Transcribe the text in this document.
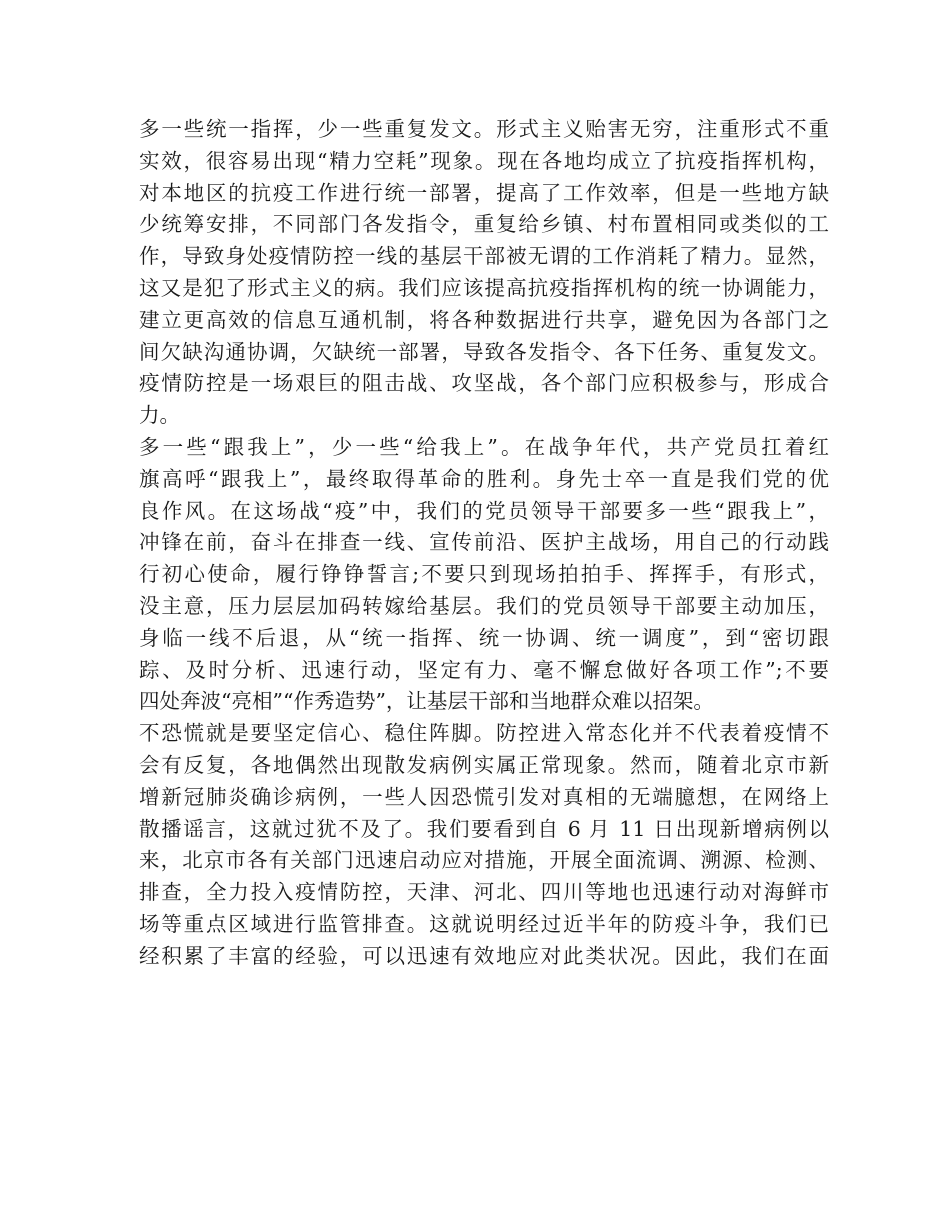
多一些统一指挥，少一些重复发文。形式主义贻害无穷，注重形式不重
实效，很容易出现“精力空耗”现象。现在各地均成立了抗疫指挥机构，
对本地区的抗疫工作进行统一部署，提高了工作效率，但是一些地方缺
少统筹安排，不同部门各发指令，重复给乡镇、村布置相同或类似的工
作，导致身处疫情防控一线的基层干部被无谓的工作消耗了精力。显然，
这又是犯了形式主义的病。我们应该提高抗疫指挥机构的统一协调能力，
建立更高效的信息互通机制，将各种数据进行共享，避免因为各部门之
间欠缺沟通协调，欠缺统一部署，导致各发指令、各下任务、重复发文。
疫情防控是一场艰巨的阻击战、攻坚战，各个部门应积极参与，形成合
力。
多一些“跟我上”，少一些“给我上”。在战争年代，共产党员扛着红
旗高呼“跟我上”，最终取得革命的胜利。身先士卒一直是我们党的优
良作风。在这场战“疫”中，我们的党员领导干部要多一些“跟我上”，
冲锋在前，奋斗在排查一线、宣传前沿、医护主战场，用自己的行动践
行初心使命，履行铮铮誓言;不要只到现场拍拍手、挥挥手，有形式，
没主意，压力层层加码转嫁给基层。我们的党员领导干部要主动加压，
身临一线不后退，从“统一指挥、统一协调、统一调度”，到“密切跟
踪、及时分析、迅速行动，坚定有力、毫不懈怠做好各项工作”;不要
四处奔波“亮相”“作秀造势”，让基层干部和当地群众难以招架。
不恐慌就是要坚定信心、稳住阵脚。防控进入常态化并不代表着疫情不
会有反复，各地偶然出现散发病例实属正常现象。然而，随着北京市新
增新冠肺炎确诊病例，一些人因恐慌引发对真相的无端臆想，在网络上
散播谣言，这就过犹不及了。我们要看到自 6 月 11 日出现新增病例以
来，北京市各有关部门迅速启动应对措施，开展全面流调、溯源、检测、
排查，全力投入疫情防控，天津、河北、四川等地也迅速行动对海鲜市
场等重点区域进行监管排查。这就说明经过近半年的防疫斗争，我们已
经积累了丰富的经验，可以迅速有效地应对此类状况。因此，我们在面
